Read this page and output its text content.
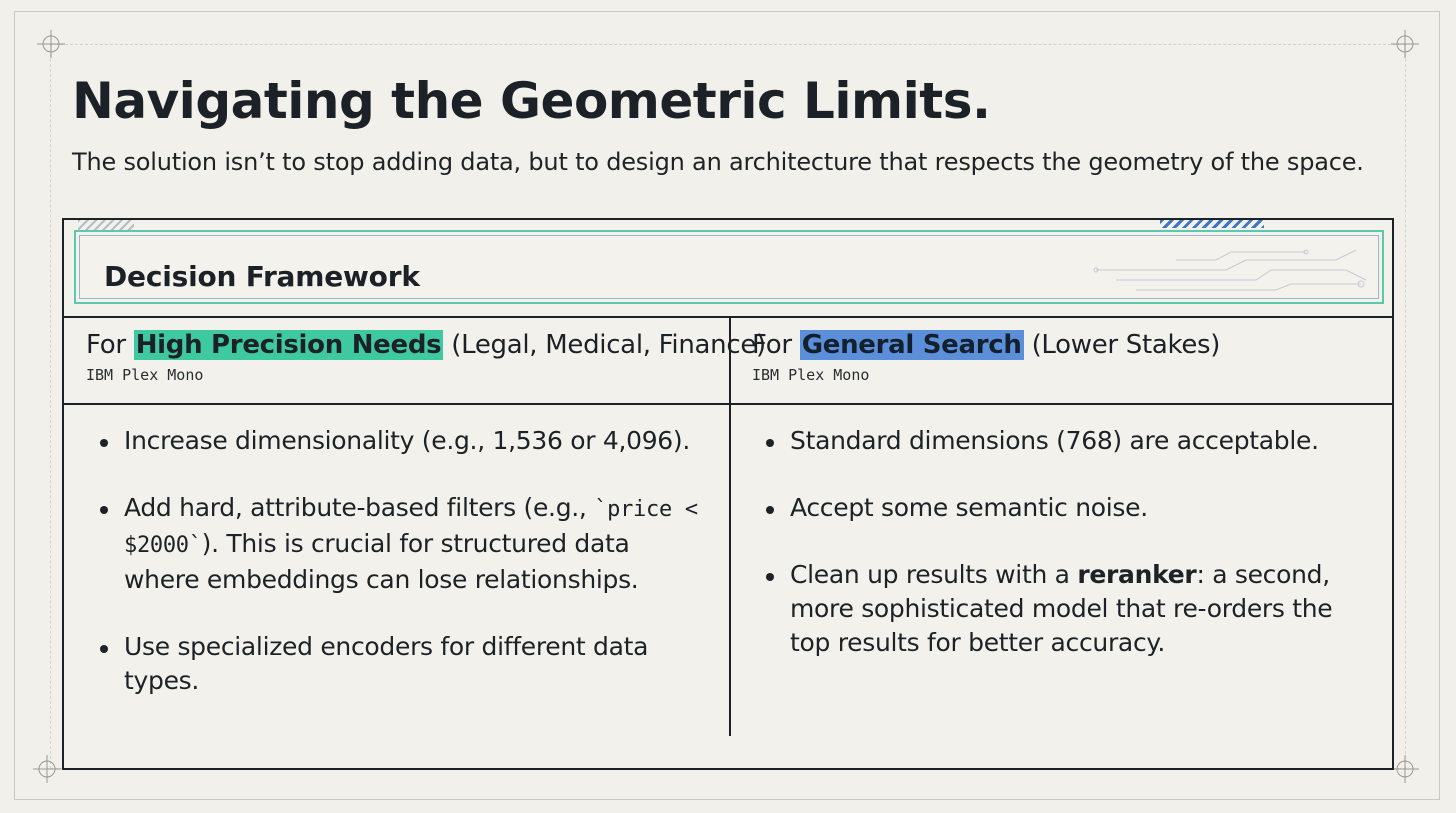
Navigating the Geometric Limits.

The solution isn’t to stop adding data, but to design an architecture that respects the geometry of the space.

Decision Framework
For High Precision Needs (Legal, Medical, Finance)
IBM Plex Mono
For General Search (Lower Stakes)
IBM Plex Mono
Increase dimensionality (e.g., 1,536 or 4,096).
Add hard, attribute-based filters (e.g., `price < $2000`). This is crucial for structured data where embeddings can lose relationships.
Use specialized encoders for different data types.
Standard dimensions (768) are acceptable.
Accept some semantic noise.
Clean up results with a reranker: a second, more sophisticated model that re-orders the top results for better accuracy.
